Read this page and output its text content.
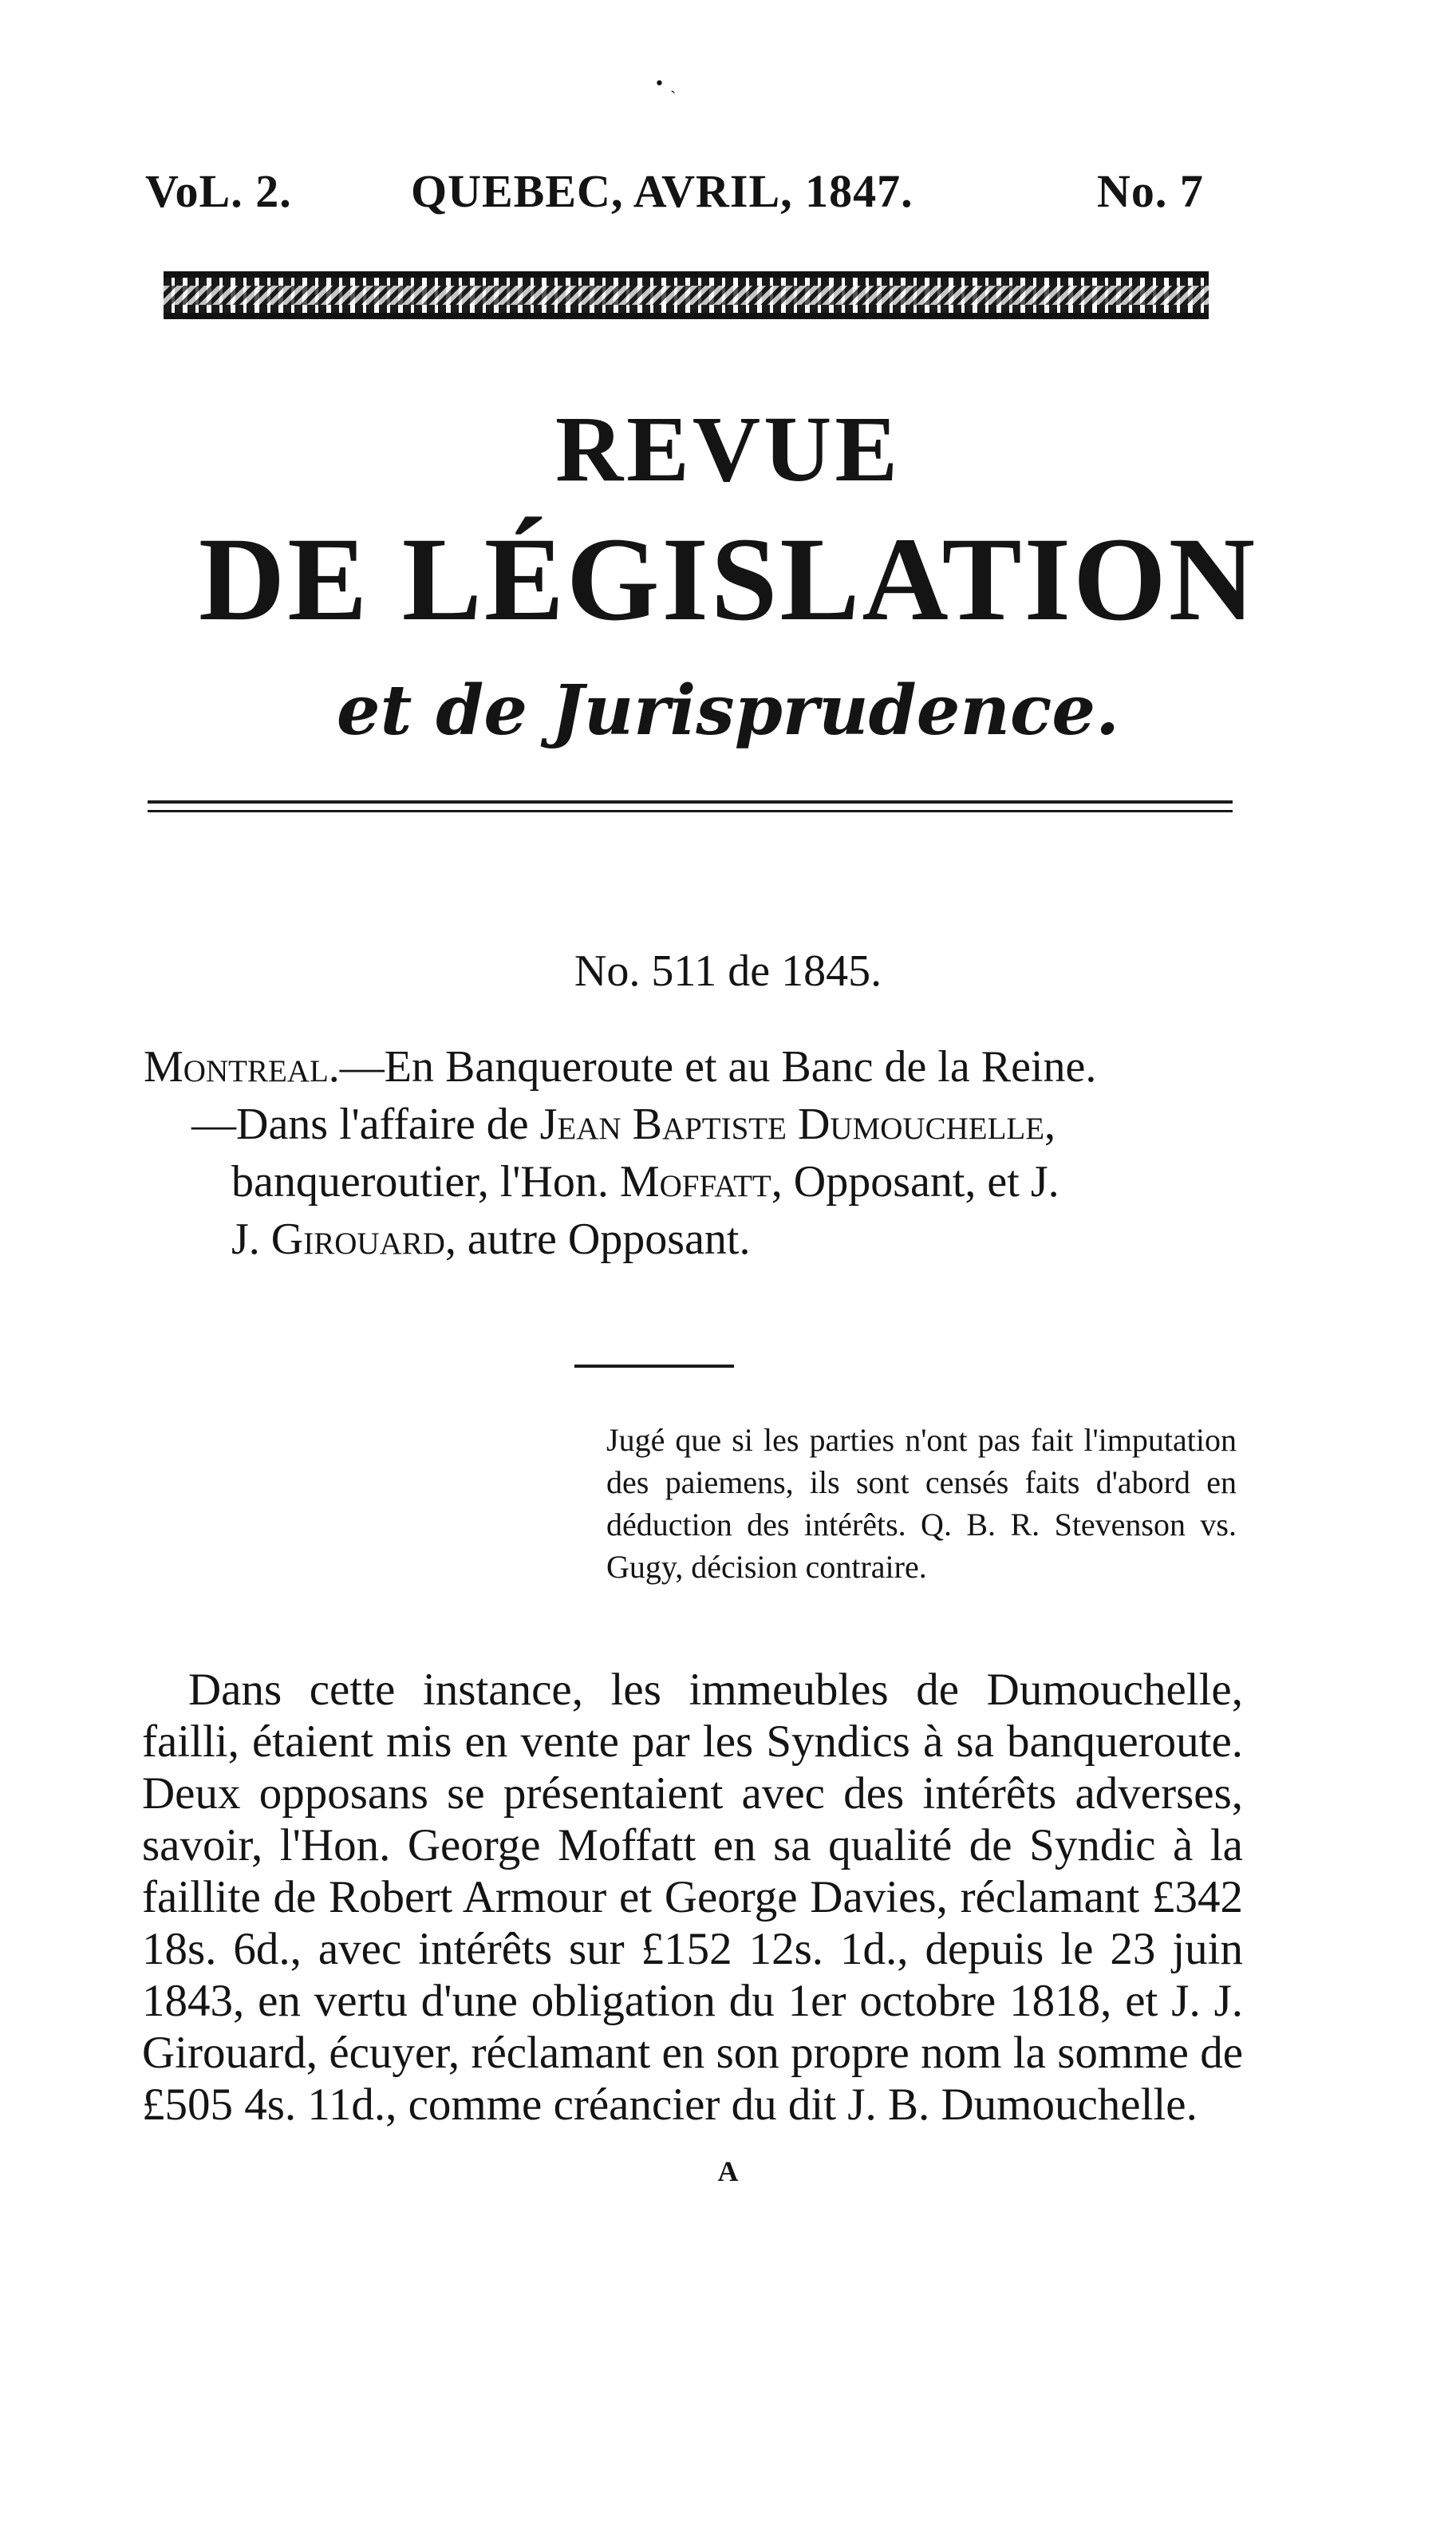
• ˏ
VoL. 2.	QUEBEC, AVRIL, 1847.	No. 7
REVUE
DE LÉGISLATION
et de Jurisprudence.
No. 511 de 1845.
Montreal.—En Banqueroute et au Banc de la Reine.
—Dans l'affaire de Jean Baptiste Dumouchelle,
banqueroutier, l'Hon. Moffatt, Opposant, et J.
J. Girouard, autre Opposant.
Jugé que si les parties n'ont pas fait l'imputation des paiemens, ils sont censés faits d'abord en déduction des intérêts. Q. B. R. Stevenson vs. Gugy, décision contraire.
Dans cette instance, les immeubles de Dumouchelle, failli, étaient mis en vente par les Syndics à sa banqueroute. Deux opposans se présentaient avec des intérêts adverses, savoir, l'Hon. George Moffatt en sa qualité de Syndic à la faillite de Robert Armour et George Davies, réclamant £342 18s. 6d., avec intérêts sur £152 12s. 1d., depuis le 23 juin 1843, en vertu d'une obligation du 1er octobre 1818, et J. J. Girouard, écuyer, réclamant en son propre nom la somme de £505 4s. 11d., comme créancier du dit J. B. Dumouchelle.
A
